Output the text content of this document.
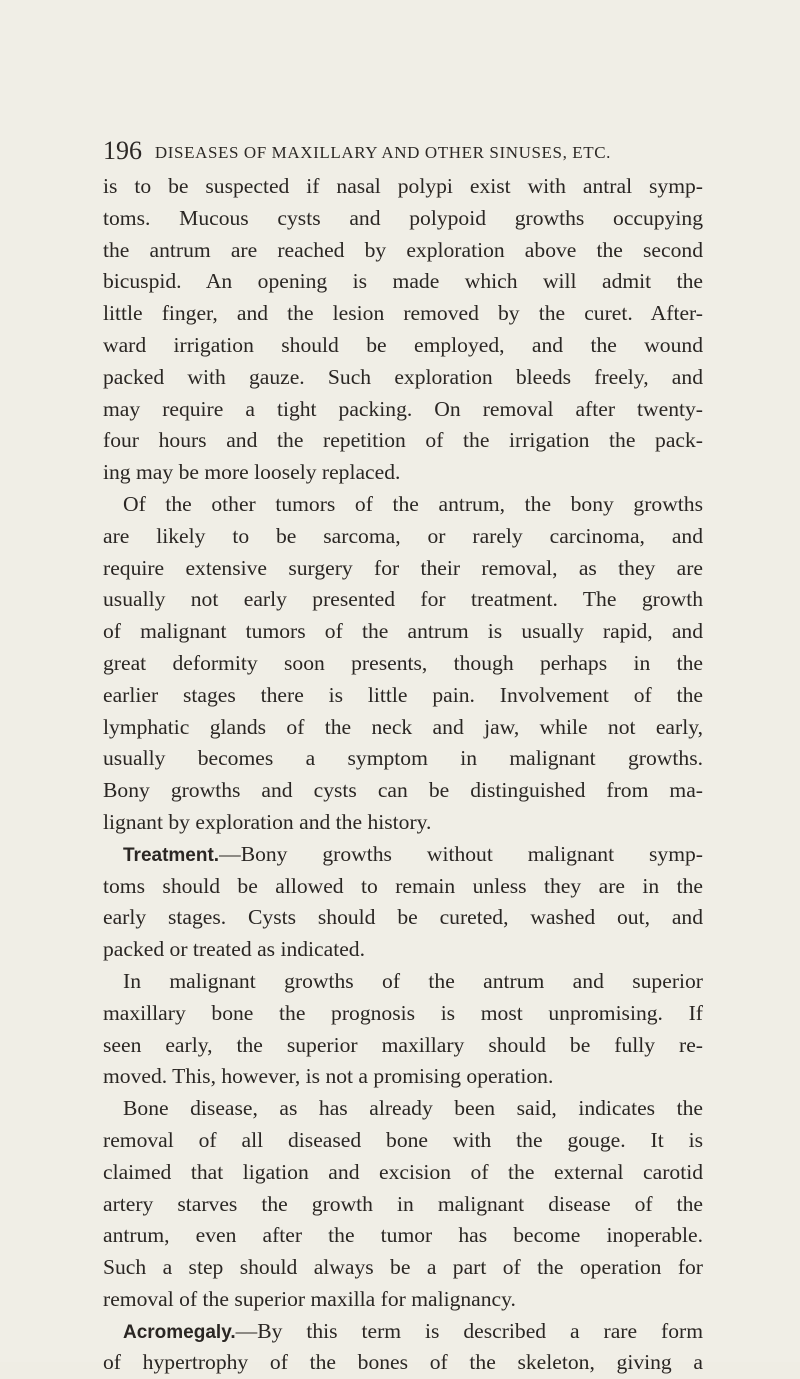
196 DISEASES OF MAXILLARY AND OTHER SINUSES, ETC.
is to be suspected if nasal polypi exist with antral symp-
toms. Mucous cysts and polypoid growths occupying
the antrum are reached by exploration above the second
bicuspid. An opening is made which will admit the
little finger, and the lesion removed by the curet. After-
ward irrigation should be employed, and the wound
packed with gauze. Such exploration bleeds freely, and
may require a tight packing. On removal after twenty-
four hours and the repetition of the irrigation the pack-
ing may be more loosely replaced.
Of the other tumors of the antrum, the bony growths
are likely to be sarcoma, or rarely carcinoma, and
require extensive surgery for their removal, as they are
usually not early presented for treatment. The growth
of malignant tumors of the antrum is usually rapid, and
great deformity soon presents, though perhaps in the
earlier stages there is little pain. Involvement of the
lymphatic glands of the neck and jaw, while not early,
usually becomes a symptom in malignant growths.
Bony growths and cysts can be distinguished from ma-
lignant by exploration and the history.
Treatment.—Bony growths without malignant symp-
toms should be allowed to remain unless they are in the
early stages. Cysts should be cureted, washed out, and
packed or treated as indicated.
In malignant growths of the antrum and superior
maxillary bone the prognosis is most unpromising. If
seen early, the superior maxillary should be fully re-
moved. This, however, is not a promising operation.
Bone disease, as has already been said, indicates the
removal of all diseased bone with the gouge. It is
claimed that ligation and excision of the external carotid
artery starves the growth in malignant disease of the
antrum, even after the tumor has become inoperable.
Such a step should always be a part of the operation for
removal of the superior maxilla for malignancy.
Acromegaly.—By this term is described a rare form
of hypertrophy of the bones of the skeleton, giving a
